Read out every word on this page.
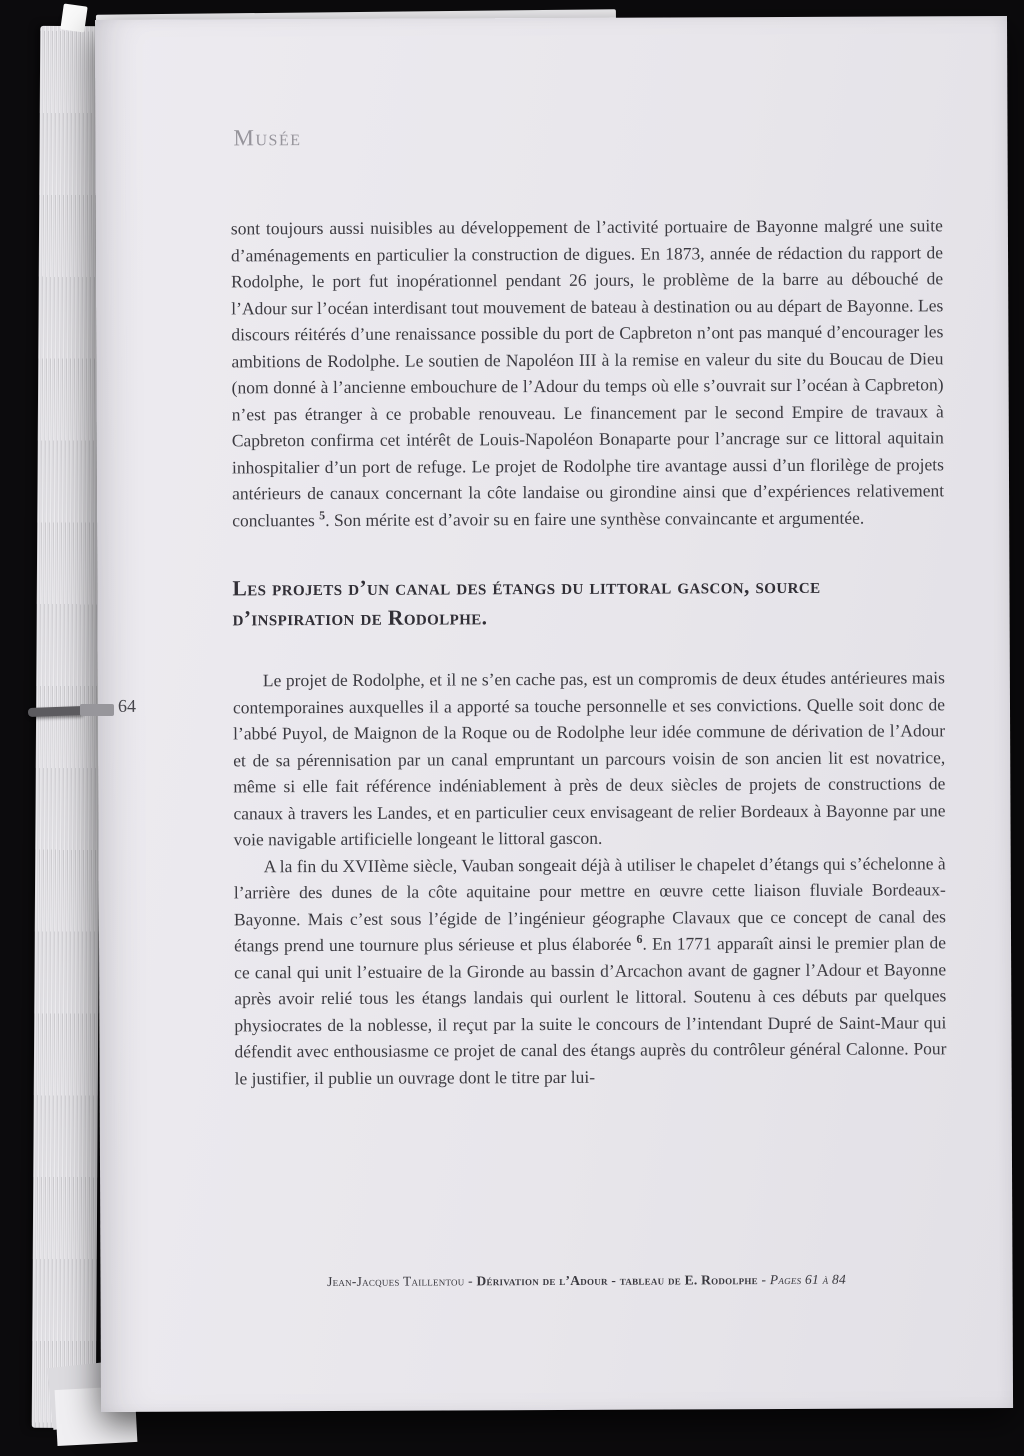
Musée
64

sont toujours aussi nuisibles au développement de l’activité portuaire de Bayonne malgré une suite d’aménagements en particulier la construction de digues. En 1873, année de rédaction du rapport de Rodolphe, le port fut inopérationnel pendant 26 jours, le problème de la barre au débouché de l’Adour sur l’océan interdisant tout mouvement de bateau à destination ou au départ de Bayonne. Les discours réitérés d’une renaissance possible du port de Capbreton n’ont pas manqué d’encourager les ambitions de Rodolphe. Le soutien de Napoléon III à la remise en valeur du site du Boucau de Dieu (nom donné à l’ancienne embouchure de l’Adour du temps où elle s’ouvrait sur l’océan à Capbreton) n’est pas étranger à ce probable renouveau. Le financement par le second Empire de travaux à Capbreton confirma cet intérêt de Louis-Napoléon Bonaparte pour l’ancrage sur ce littoral aquitain inhospitalier d’un port de refuge. Le projet de Rodolphe tire avantage aussi d’un florilège de projets antérieurs de canaux concernant la côte landaise ou girondine ainsi que d’expériences relativement concluantes $^5$. Son mérite est d’avoir su en faire une synthèse convaincante et argumentée.

Les projets d’un canal des étangs du littoral gascon, source d’inspiration de Rodolphe.

Le projet de Rodolphe, et il ne s’en cache pas, est un compromis de deux études antérieures mais contemporaines auxquelles il a apporté sa touche personnelle et ses convictions. Quelle soit donc de l’abbé Puyol, de Maignon de la Roque ou de Rodolphe leur idée commune de dérivation de l’Adour et de sa pérennisation par un canal empruntant un parcours voisin de son ancien lit est novatrice, même si elle fait référence indéniablement à près de deux siècles de projets de constructions de canaux à travers les Landes, et en particulier ceux envisageant de relier Bordeaux à Bayonne par une voie navigable artificielle longeant le littoral gascon.

A la fin du XVIIème siècle, Vauban songeait déjà à utiliser le chapelet d’étangs qui s’échelonne à l’arrière des dunes de la côte aquitaine pour mettre en œuvre cette liaison fluviale Bordeaux-Bayonne. Mais c’est sous l’égide de l’ingénieur géographe Clavaux que ce concept de canal des étangs prend une tournure plus sérieuse et plus élaborée $^6$. En 1771 apparaît ainsi le premier plan de ce canal qui unit l’estuaire de la Gironde au bassin d’Arcachon avant de gagner l’Adour et Bayonne après avoir relié tous les étangs landais qui ourlent le littoral. Soutenu à ces débuts par quelques physiocrates de la noblesse, il reçut par la suite le concours de l’intendant Dupré de Saint-Maur qui défendit avec enthousiasme ce projet de canal des étangs auprès du contrôleur général Calonne. Pour le justifier, il publie un ouvrage dont le titre par lui-

Jean-Jacques Taillentou - Dérivation de l’Adour - tableau de E. Rodolphe - Pages 61 à 84
